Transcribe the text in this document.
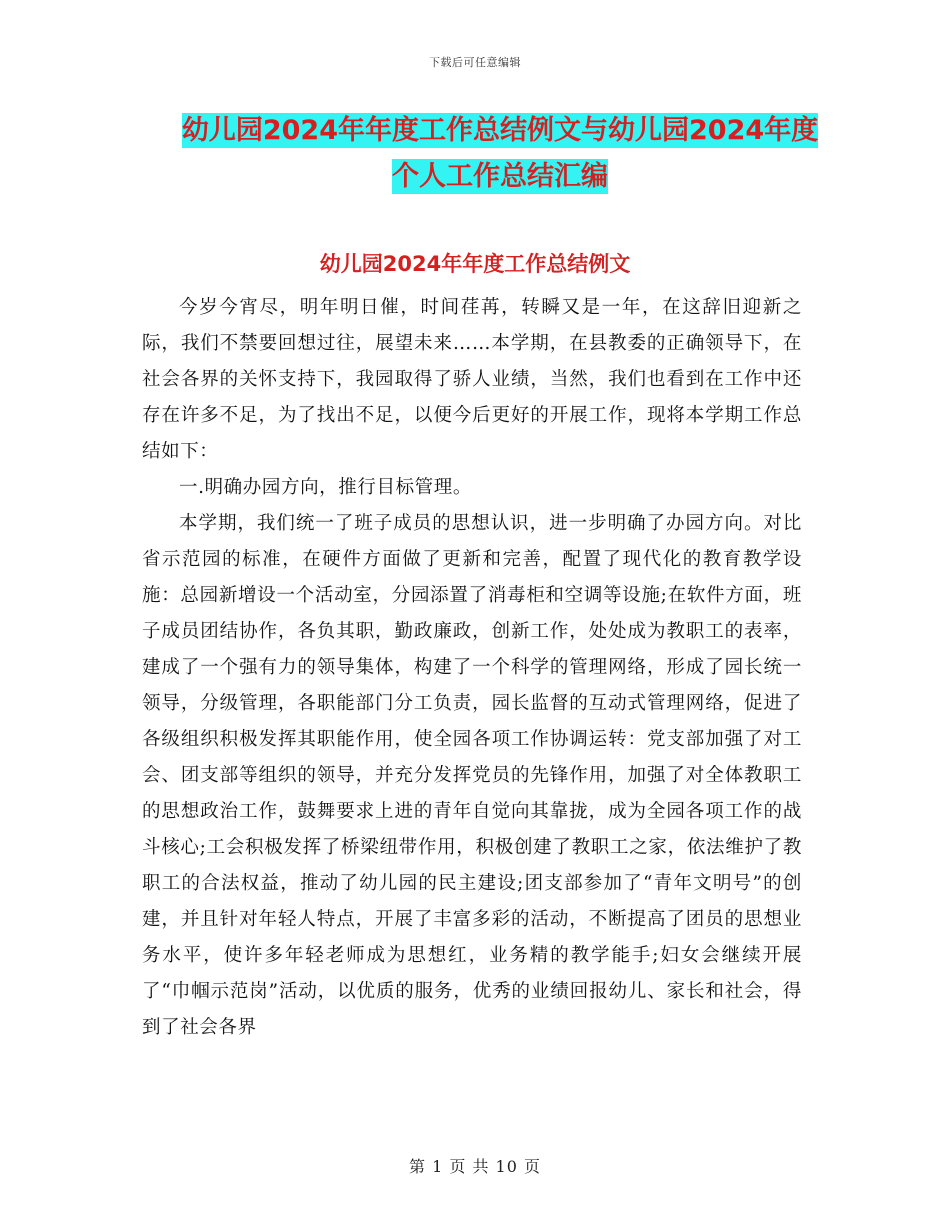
下载后可任意编辑
幼儿园2024年年度工作总结例文与幼儿园2024年度
个人工作总结汇编
幼儿园2024年年度工作总结例文

今岁今宵尽，明年明日催，时间荏苒，转瞬又是一年，在这辞旧迎新之际，我们不禁要回想过往，展望未来……本学期，在县教委的正确领导下，在社会各界的关怀支持下，我园取得了骄人业绩，当然，我们也看到在工作中还存在许多不足，为了找出不足，以便今后更好的开展工作，现将本学期工作总结如下：

一.明确办园方向，推行目标管理。

本学期，我们统一了班子成员的思想认识，进一步明确了办园方向。对比省示范园的标准，在硬件方面做了更新和完善，配置了现代化的教育教学设施：总园新增设一个活动室，分园添置了消毒柜和空调等设施;在软件方面，班子成员团结协作，各负其职，勤政廉政，创新工作，处处成为教职工的表率，建成了一个强有力的领导集体，构建了一个科学的管理网络，形成了园长统一领导，分级管理，各职能部门分工负责，园长监督的互动式管理网络，促进了各级组织积极发挥其职能作用，使全园各项工作协调运转：党支部加强了对工会、团支部等组织的领导，并充分发挥党员的先锋作用，加强了对全体教职工的思想政治工作，鼓舞要求上进的青年自觉向其靠拢，成为全园各项工作的战斗核心;工会积极发挥了桥梁纽带作用，积极创建了教职工之家，依法维护了教职工的合法权益，推动了幼儿园的民主建设;团支部参加了“青年文明号”的创建，并且针对年轻人特点，开展了丰富多彩的活动，不断提高了团员的思想业务水平，使许多年轻老师成为思想红，业务精的教学能手;妇女会继续开展了“巾帼示范岗”活动，以优质的服务，优秀的业绩回报幼儿、家长和社会，得到了社会各界

第 1 页 共 10 页
